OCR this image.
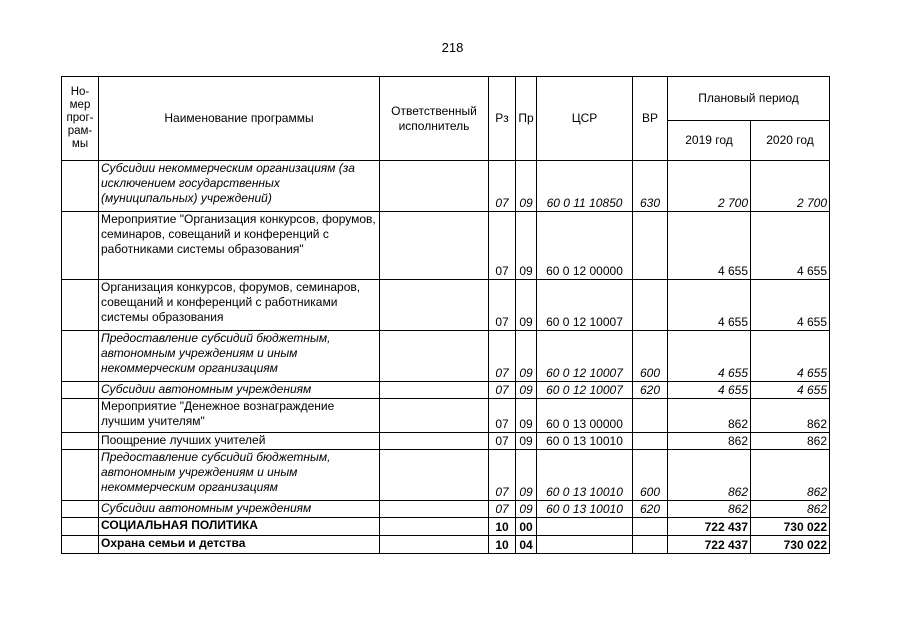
218
Но-
мер
прог-
рам-
мы	Наименование программы	Ответственный исполнитель	Рз	Пр	ЦСР	ВР	Плановый период	
							2019 год	2020 год
	Субсидии некоммерческим организациям (за исключением государственных (муниципальных) учреждений)		07	09	60 0 11 10850	630	2 700	2 700
	Мероприятие "Организация конкурсов, форумов, семинаров, совещаний и конференций с работниками системы образования"		07	09	60 0 12 00000		4 655	4 655
	Организация конкурсов, форумов, семинаров, совещаний и конференций с работниками системы образования		07	09	60 0 12 10007		4 655	4 655
	Предоставление субсидий бюджетным, автономным учреждениям и иным некоммерческим организациям		07	09	60 0 12 10007	600	4 655	4 655
	Субсидии автономным учреждениям		07	09	60 0 12 10007	620	4 655	4 655
	Мероприятие "Денежное вознаграждение лучшим учителям"		07	09	60 0 13 00000		862	862
	Поощрение лучших учителей		07	09	60 0 13 10010		862	862
	Предоставление субсидий бюджетным, автономным учреждениям и иным некоммерческим организациям		07	09	60 0 13 10010	600	862	862
	Субсидии автономным учреждениям		07	09	60 0 13 10010	620	862	862
	СОЦИАЛЬНАЯ ПОЛИТИКА		10	00			722 437	730 022
	Охрана семьи и детства		10	04			722 437	730 022
